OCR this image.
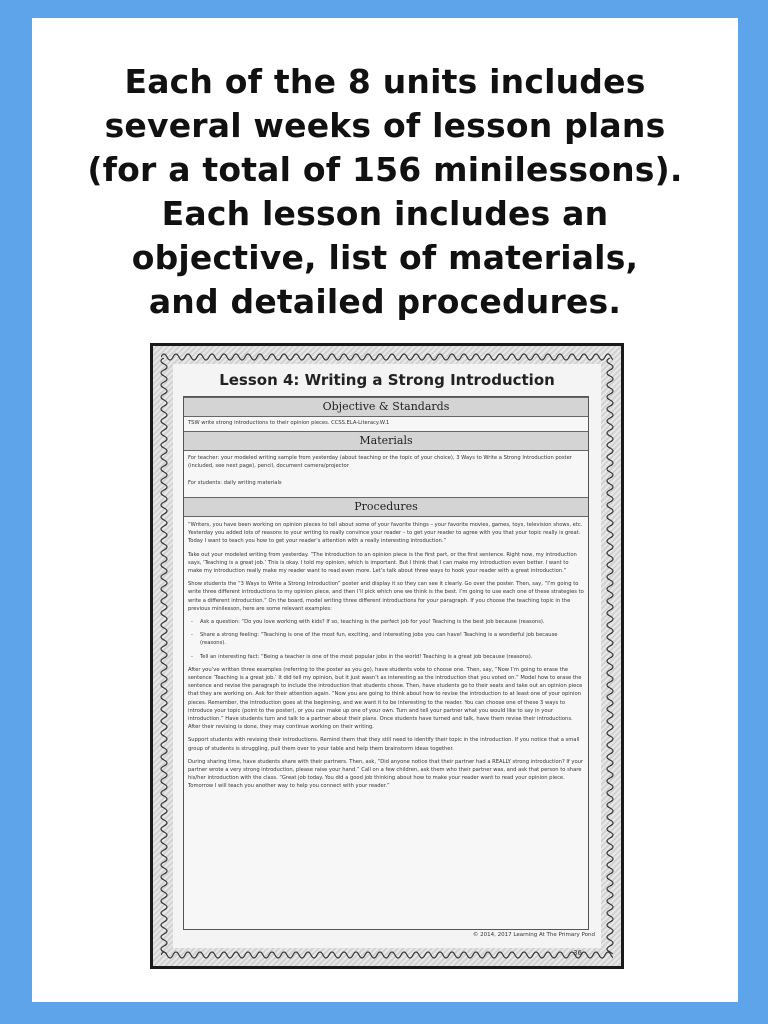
Each of the 8 units includes
several weeks of lesson plans
(for a total of 156 minilessons).
Each lesson includes an
objective, list of materials,
and detailed procedures.
Lesson 4: Writing a Strong Introduction
Objective & Standards

TSW write strong introductions to their opinion pieces. CCSS.ELA-Literacy.W.1

Materials

For teacher: your modeled writing sample from yesterday (about teaching or the topic of your choice), 3 Ways to Write a Strong Introduction poster (included, see next page), pencil, document camera/projector

For students: daily writing materials

Procedures

“Writers, you have been working on opinion pieces to tell about some of your favorite things – your favorite movies, games, toys, television shows, etc. Yesterday you added lots of reasons to your writing to really convince your reader – to get your reader to agree with you that your topic really is great. Today I want to teach you how to get your reader’s attention with a really interesting introduction.”

Take out your modeled writing from yesterday. “The introduction to an opinion piece is the first part, or the first sentence. Right now, my introduction says, ‘Teaching is a great job.’ This is okay. I told my opinion, which is important. But I think that I can make my introduction even better. I want to make my introduction really make my reader want to read even more. Let’s talk about three ways to hook your reader with a great introduction.”

Show students the “3 Ways to Write a Strong Introduction” poster and display it so they can see it clearly. Go over the poster. Then, say, “I’m going to write three different introductions to my opinion piece, and then I’ll pick which one we think is the best. I’m going to use each one of these strategies to write a different introduction.” On the board, model writing three different introductions for your paragraph. If you choose the teaching topic in the previous minilesson, here are some relevant examples:

- Ask a question: “Do you love working with kids? If so, teaching is the perfect job for you! Teaching is the best job because (reasons).
- Share a strong feeling: “Teaching is one of the most fun, exciting, and interesting jobs you can have! Teaching is a wonderful job because (reasons).
- Tell an interesting fact: “Being a teacher is one of the most popular jobs in the world! Teaching is a great job because (reasons).

After you’ve written three examples (referring to the poster as you go), have students vote to choose one. Then, say, “Now I’m going to erase the sentence ‘Teaching is a great job.’ It did tell my opinion, but it just wasn’t as interesting as the introduction that you voted on.” Model how to erase the sentence and revise the paragraph to include the introduction that students chose. Then, have students go to their seats and take out an opinion piece that they are working on. Ask for their attention again. “Now you are going to think about how to revise the introduction to at least one of your opinion pieces. Remember, the introduction goes at the beginning, and we want it to be interesting to the reader. You can choose one of these 3 ways to introduce your topic (point to the poster), or you can make up one of your own. Turn and tell your partner what you would like to say in your introduction.” Have students turn and talk to a partner about their plans. Once students have turned and talk, have them revise their introductions. After their revising is done, they may continue working on their writing.

Support students with revising their introductions. Remind them that they still need to identify their topic in the introduction. If you notice that a small group of students is struggling, pull them over to your table and help them brainstorm ideas together.

During sharing time, have students share with their partners. Then, ask, “Did anyone notice that their partner had a REALLY strong introduction? If your partner wrote a very strong introduction, please raise your hand.” Call on a few children, ask them who their partner was, and ask that person to share his/her introduction with the class. “Great job today. You did a good job thinking about how to make your reader want to read your opinion piece. Tomorrow I will teach you another way to help you connect with your reader.”

36
© 2014, 2017 Learning At The Primary Pond
